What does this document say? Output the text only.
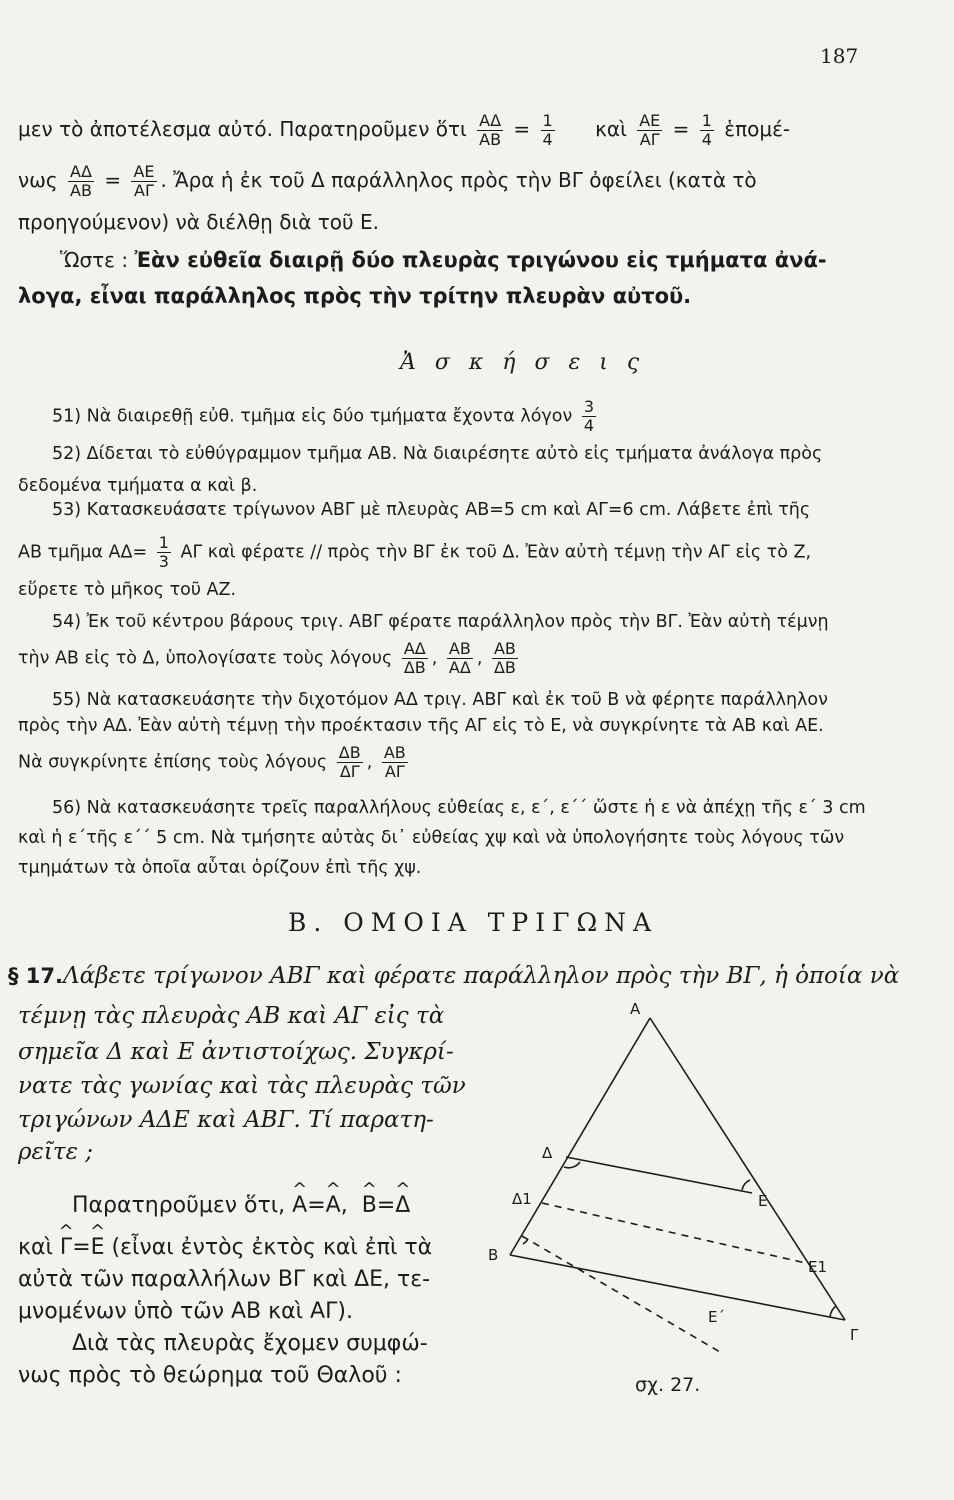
187
μεν τὸ ἀποτέλεσμα αὐτό. Παρατηροῦμεν ὅτι $\frac{A\Delta}{AB} = \frac{1}{4}$ καὶ $\frac{AE}{A\Gamma} = \frac{1}{4}$ ἑπομέ-
νως $\frac{A\Delta}{AB} = \frac{AE}{A\Gamma}$ . Ἄρα ἡ ἐκ τοῦ Δ παράλληλος πρὸς τὴν ΒΓ ὀφείλει (κατὰ τὸ
προηγούμενον) νὰ διέλθῃ διὰ τοῦ Ε.
Ὥστε : Ἐὰν εὐθεῖα διαιρῇ δύο πλευρὰς τριγώνου εἰς τμήματα ἀνά-
λογα, εἶναι παράλληλος πρὸς τὴν τρίτην πλευρὰν αὐτοῦ.
Ἀ σ κ ή σ ε ι ς
51) Νὰ διαιρεθῇ εὐθ. τμῆμα εἰς δύο τμήματα ἔχοντα λόγον $\frac{3}{4}$
52) Δίδεται τὸ εὐθύγραμμον τμῆμα ΑΒ. Νὰ διαιρέσητε αὐτὸ εἰς τμήματα ἀνάλογα πρὸς
δεδομένα τμήματα α καὶ β.
53) Κατασκευάσατε τρίγωνον ΑΒΓ μὲ πλευρὰς ΑΒ=5 cm καὶ ΑΓ=6 cm. Λάβετε ἐπὶ τῆς
ΑΒ τμῆμα $A\Delta= \frac{1}{3}$ ΑΓ καὶ φέρατε // πρὸς τὴν ΒΓ ἐκ τοῦ Δ. Ἐὰν αὐτὴ τέμνῃ τὴν ΑΓ εἰς τὸ Ζ,
εὕρετε τὸ μῆκος τοῦ ΑΖ.
54) Ἐκ τοῦ κέντρου βάρους τριγ. ΑΒΓ φέρατε παράλληλον πρὸς τὴν ΒΓ. Ἐὰν αὐτὴ τέμνῃ
τὴν ΑΒ εἰς τὸ Δ, ὑπολογίσατε τοὺς λόγους $\frac{A\Delta}{\Delta B}$ , $\frac{AB}{A\Delta}$ , $\frac{AB}{\Delta B}$
55) Νὰ κατασκευάσητε τὴν διχοτόμον ΑΔ τριγ. ΑΒΓ καὶ ἐκ τοῦ Β νὰ φέρητε παράλληλον
πρὸς τὴν ΑΔ. Ἐὰν αὐτὴ τέμνῃ τὴν προέκτασιν τῆς ΑΓ εἰς τὸ Ε, νὰ συγκρίνητε τὰ ΑΒ καὶ ΑΕ.
Νὰ συγκρίνητε ἐπίσης τοὺς λόγους $\frac{\Delta B}{\Delta\Gamma}$ , $\frac{AB}{A\Gamma}$
56) Νὰ κατασκευάσητε τρεῖς παραλλήλους εὐθείας ε, ε΄, ε΄΄ ὥστε ἡ ε νὰ ἀπέχῃ τῆς ε΄ 3 cm
καὶ ἡ ε΄τῆς ε΄΄ 5 cm. Νὰ τμήσητε αὐτὰς δι᾽ εὐθείας χψ καὶ νὰ ὑπολογήσητε τοὺς λόγους τῶν
τμημάτων τὰ ὁποῖα αὗται ὁρίζουν ἐπὶ τῆς χψ.
Β. ΟΜΟΙΑ ΤΡΙΓΩΝΑ
§ 17.Λάβετε τρίγωνον ΑΒΓ καὶ φέρατε παράλληλον πρὸς τὴν ΒΓ, ἡ ὁποία νὰ
τέμνῃ τὰς πλευρὰς ΑΒ καὶ ΑΓ εἰς τὰ
σημεῖα Δ καὶ Ε ἀντιστοίχως. Συγκρί-
νατε τὰς γωνίας καὶ τὰς πλευρὰς τῶν
τριγώνων ΑΔΕ καὶ ΑΒΓ. Τί παρατη-
ρεῖτε ;
Παρατηροῦμεν ὅτι, ^ Α=^ Α, ^ Β=^ Δ
καὶ ^ Γ=^ Ε (εἶναι ἐντὸς ἐκτὸς καὶ ἐπὶ τὰ
αὐτὰ τῶν παραλλήλων ΒΓ καὶ ΔΕ, τε-
μνομένων ὑπὸ τῶν ΑΒ καὶ ΑΓ).
Διὰ τὰς πλευρὰς ἔχομεν συμφώ-
νως πρὸς τὸ θεώρημα τοῦ Θαλοῦ :
Α
Δ
Δ1	Ε
Β
Ε1
Ε΄
Γ
σχ. 27.
